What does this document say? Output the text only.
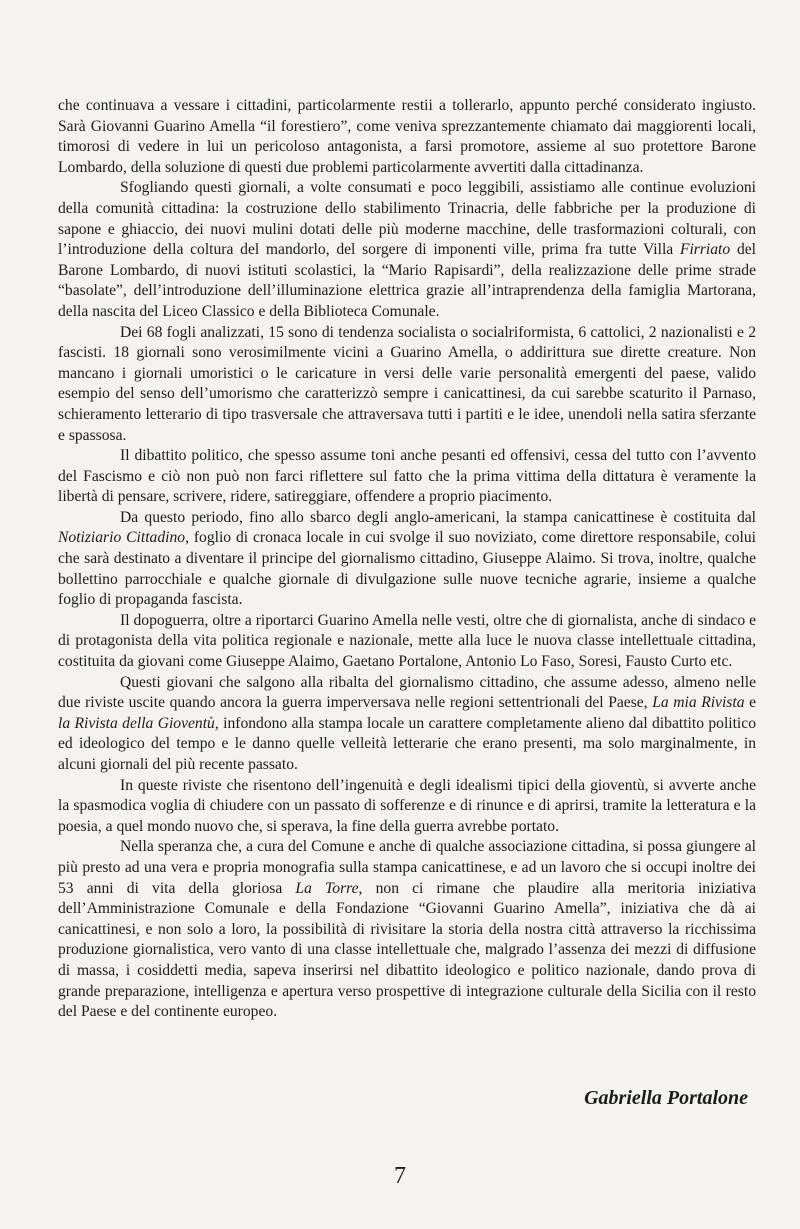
che continuava a vessare i cittadini, particolarmente restii a tollerarlo, appunto perché considerato ingiusto. Sarà Giovanni Guarino Amella “il forestiero”, come veniva sprezzantemente chiamato dai maggiorenti locali, timorosi di vedere in lui un pericoloso antagonista, a farsi promotore, assieme al suo protettore Barone Lombardo, della soluzione di questi due problemi particolarmente avvertiti dalla cittadinanza.

Sfogliando questi giornali, a volte consumati e poco leggibili, assistiamo alle continue evoluzioni della comunità cittadina: la costruzione dello stabilimento Trinacria, delle fabbriche per la produzione di sapone e ghiaccio, dei nuovi mulini dotati delle più moderne macchine, delle trasformazioni colturali, con l’introduzione della coltura del mandorlo, del sorgere di imponenti ville, prima fra tutte Villa Firriato del Barone Lombardo, di nuovi istituti scolastici, la “Mario Rapisardi”, della realizzazione delle prime strade “basolate”, dell’introduzione dell’illuminazione elettrica grazie all’intraprendenza della famiglia Martorana, della nascita del Liceo Classico e della Biblioteca Comunale.

Dei 68 fogli analizzati, 15 sono di tendenza socialista o socialriformista, 6 cattolici, 2 nazionalisti e 2 fascisti. 18 giornali sono verosimilmente vicini a Guarino Amella, o addirittura sue dirette creature. Non mancano i giornali umoristici o le caricature in versi delle varie personalità emergenti del paese, valido esempio del senso dell’umorismo che caratterizzò sempre i canicattinesi, da cui sarebbe scaturito il Parnaso, schieramento letterario di tipo trasversale che attraversava tutti i partiti e le idee, unendoli nella satira sferzante e spassosa.

Il dibattito politico, che spesso assume toni anche pesanti ed offensivi, cessa del tutto con l’avvento del Fascismo e ciò non può non farci riflettere sul fatto che la prima vittima della dittatura è veramente la libertà di pensare, scrivere, ridere, satireggiare, offendere a proprio piacimento.

Da questo periodo, fino allo sbarco degli anglo-americani, la stampa canicattinese è costituita dal Notiziario Cittadino, foglio di cronaca locale in cui svolge il suo noviziato, come direttore responsabile, colui che sarà destinato a diventare il principe del giornalismo cittadino, Giuseppe Alaimo. Si trova, inoltre, qualche bollettino parrocchiale e qualche giornale di divulgazione sulle nuove tecniche agrarie, insieme a qualche foglio di propaganda fascista.

Il dopoguerra, oltre a riportarci Guarino Amella nelle vesti, oltre che di giornalista, anche di sindaco e di protagonista della vita politica regionale e nazionale, mette alla luce le nuova classe intellettuale cittadina, costituita da giovani come Giuseppe Alaimo, Gaetano Portalone, Antonio Lo Faso, Soresi, Fausto Curto etc.

Questi giovani che salgono alla ribalta del giornalismo cittadino, che assume adesso, almeno nelle due riviste uscite quando ancora la guerra imperversava nelle regioni settentrionali del Paese, La mia Rivista e la Rivista della Gioventù, infondono alla stampa locale un carattere completamente alieno dal dibattito politico ed ideologico del tempo e le danno quelle velleità letterarie che erano presenti, ma solo marginalmente, in alcuni giornali del più recente passato.

In queste riviste che risentono dell’ingenuità e degli idealismi tipici della gioventù, si avverte anche la spasmodica voglia di chiudere con un passato di sofferenze e di rinunce e di aprirsi, tramite la letteratura e la poesia, a quel mondo nuovo che, si sperava, la fine della guerra avrebbe portato.

Nella speranza che, a cura del Comune e anche di qualche associazione cittadina, si possa giungere al più presto ad una vera e propria monografia sulla stampa canicattinese, e ad un lavoro che si occupi inoltre dei 53 anni di vita della gloriosa La Torre, non ci rimane che plaudire alla meritoria iniziativa dell’Amministrazione Comunale e della Fondazione “Giovanni Guarino Amella”, iniziativa che dà ai canicattinesi, e non solo a loro, la possibilità di rivisitare la storia della nostra città attraverso la ricchissima produzione giornalistica, vero vanto di una classe intellettuale che, malgrado l’assenza dei mezzi di diffusione di massa, i cosiddetti media, sapeva inserirsi nel dibattito ideologico e politico nazionale, dando prova di grande preparazione, intelligenza e apertura verso prospettive di integrazione culturale della Sicilia con il resto del Paese e del continente europeo.

Gabriella Portalone
7
